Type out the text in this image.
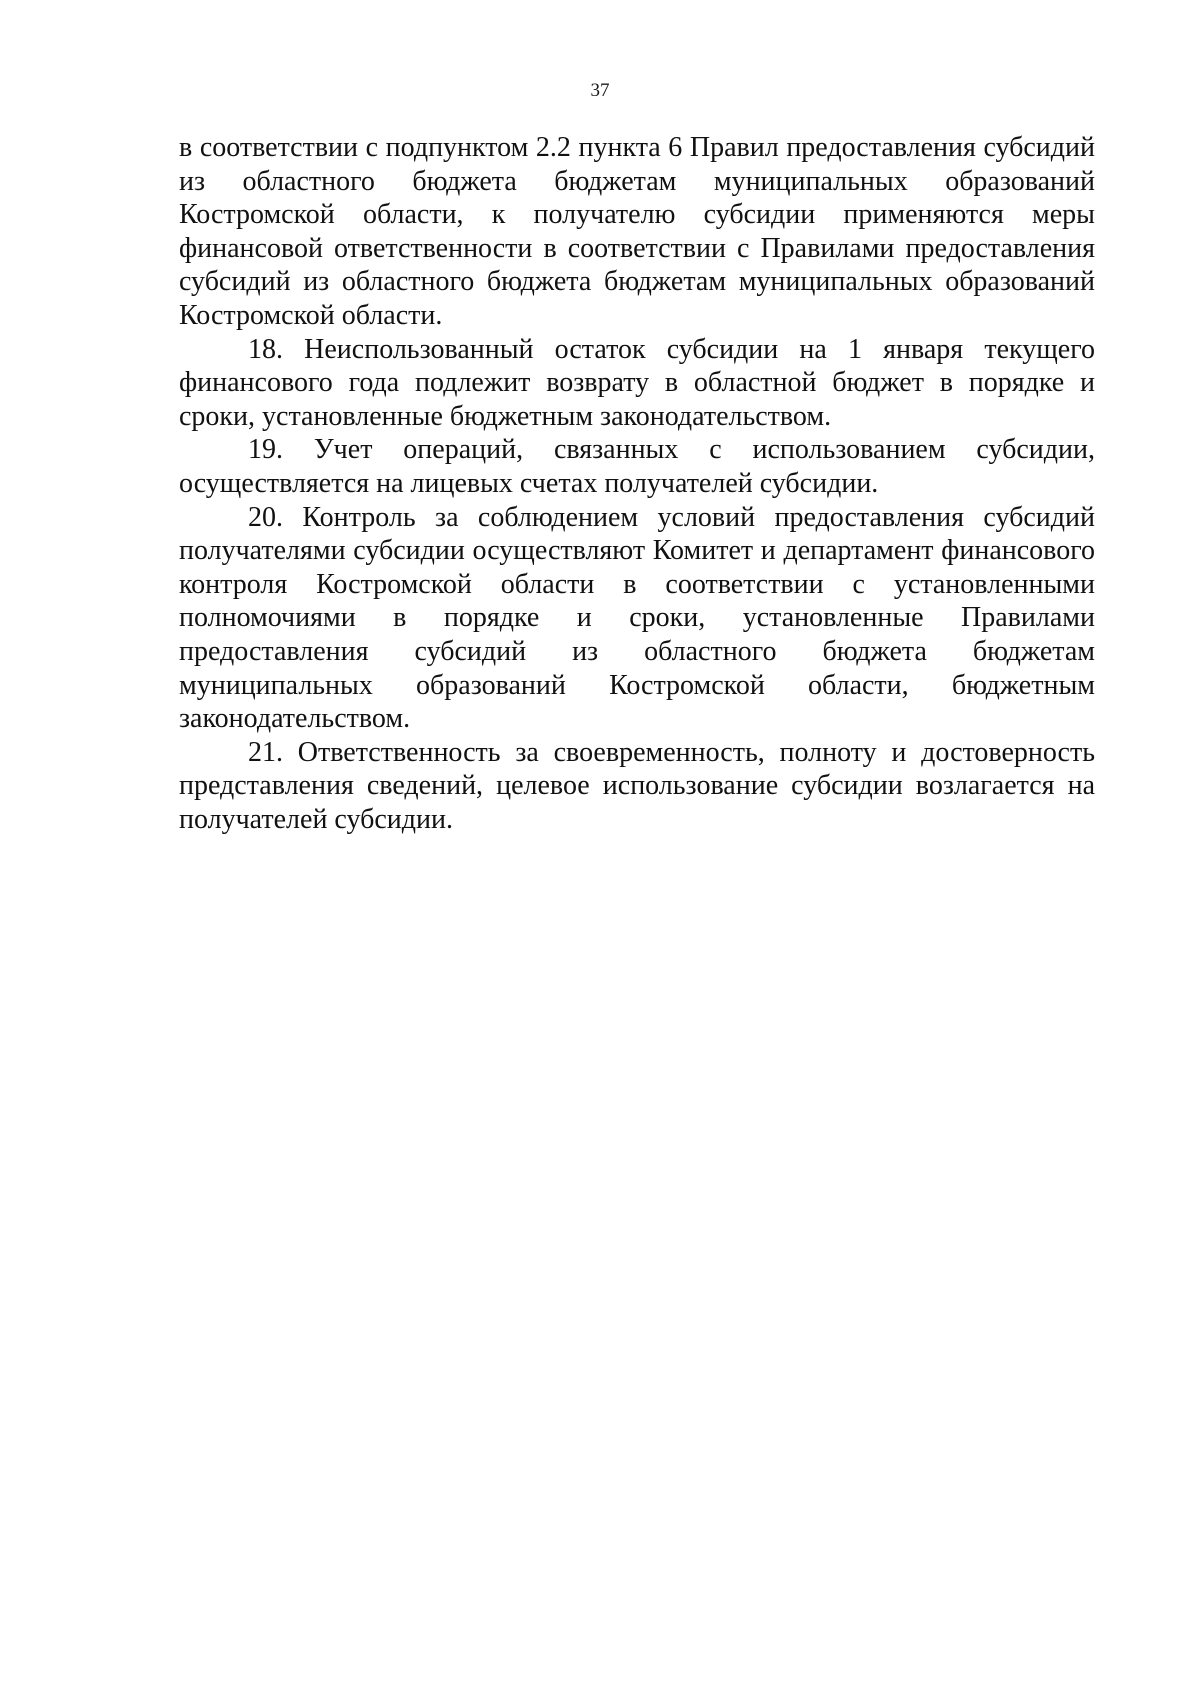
37

в соответствии с подпунктом 2.2 пункта 6 Правил предоставления субсидий из областного бюджета бюджетам муниципальных образований Костромской области, к получателю субсидии применяются меры финансовой ответственности в соответствии с Правилами предоставления субсидий из областного бюджета бюджетам муниципальных образований Костромской области.

18. Неиспользованный остаток субсидии на 1 января текущего финансового года подлежит возврату в областной бюджет в порядке и сроки, установленные бюджетным законодательством.

19. Учет операций, связанных с использованием субсидии, осуществляется на лицевых счетах получателей субсидии.

20. Контроль за соблюдением условий предоставления субсидий получателями субсидии осуществляют Комитет и департамент финансового контроля Костромской области в соответствии с установленными полномочиями в порядке и сроки, установленные Правилами предоставления субсидий из областного бюджета бюджетам муниципальных образований Костромской области, бюджетным законодательством.

21. Ответственность за своевременность, полноту и достоверность представления сведений, целевое использование субсидии возлагается на получателей субсидии.
